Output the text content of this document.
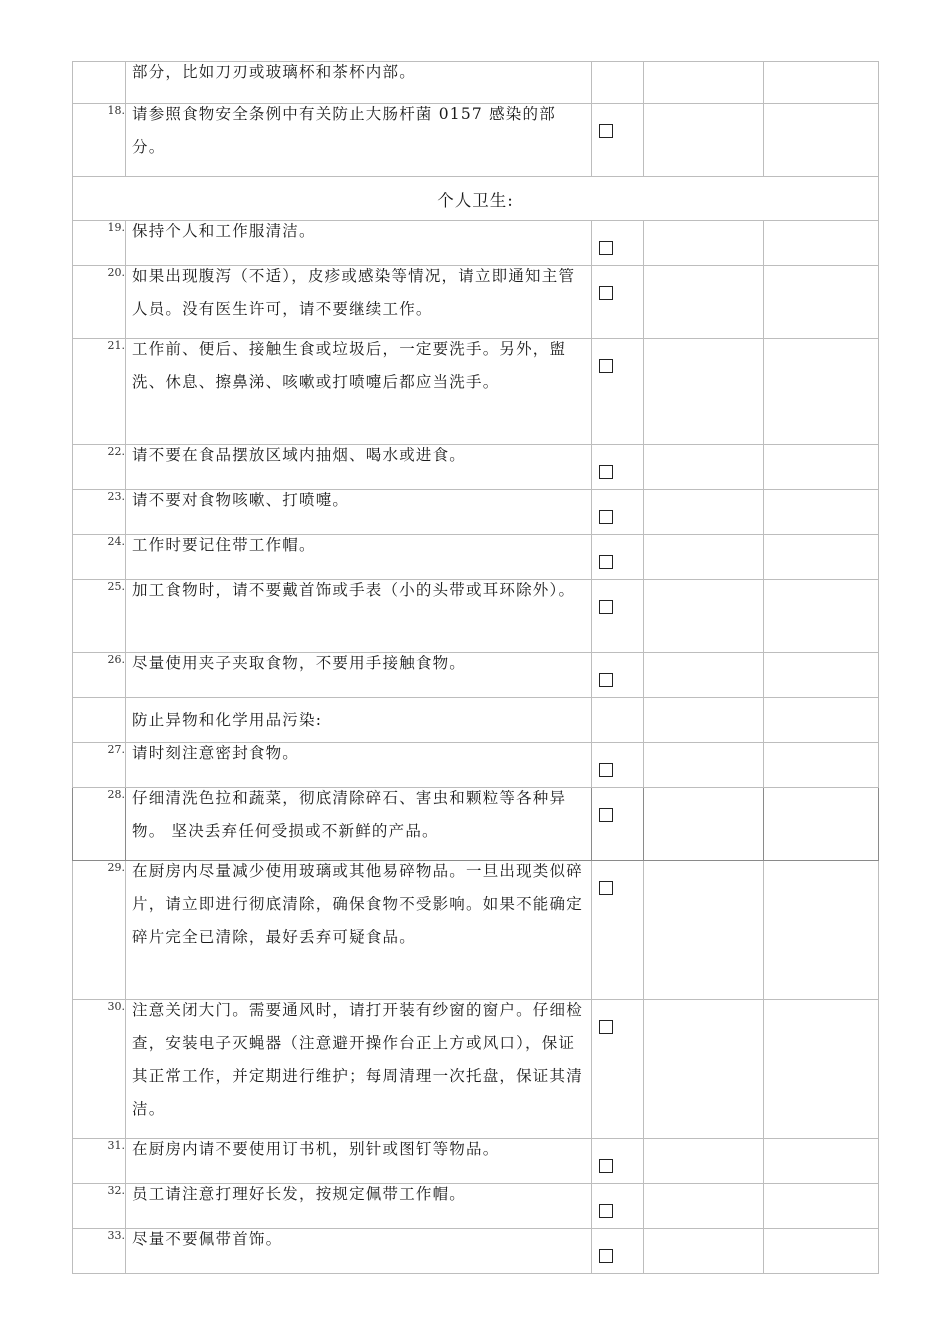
	部分，比如刀刃或玻璃杯和茶杯内部。			

18.	请参照食物安全条例中有关防止大肠杆菌 0157 感染的部分。			

个人卫生:				
19.	保持个人和工作服清洁。			

20.	如果出现腹泻（不适），皮疹或感染等情况，请立即通知主管人员。没有医生许可，请不要继续工作。			

21.	工作前、便后、接触生食或垃圾后，一定要洗手。另外，盥洗、休息、擦鼻涕、咳嗽或打喷嚏后都应当洗手。			

22.	请不要在食品摆放区域内抽烟、喝水或进食。			

23.	请不要对食物咳嗽、打喷嚏。			

24.	工作时要记住带工作帽。			

25.	加工食物时，请不要戴首饰或手表（小的头带或耳环除外）。			

26.	尽量使用夹子夹取食物，不要用手接触食物。			

	防止异物和化学用品污染:			

27.	请时刻注意密封食物。			

28.	仔细清洗色拉和蔬菜，彻底清除碎石、害虫和颗粒等各种异物。 坚决丢弃任何受损或不新鲜的产品。			

29.	在厨房内尽量减少使用玻璃或其他易碎物品。一旦出现类似碎片，请立即进行彻底清除，确保食物不受影响。如果不能确定碎片完全已清除，最好丢弃可疑食品。			

30.	注意关闭大门。需要通风时，请打开装有纱窗的窗户。仔细检查，安装电子灭蝇器（注意避开操作台正上方或风口），保证其正常工作，并定期进行维护；每周清理一次托盘，保证其清洁。			

31.	在厨房内请不要使用订书机，别针或图钉等物品。			

32.	员工请注意打理好长发，按规定佩带工作帽。			

33.	尽量不要佩带首饰。			
